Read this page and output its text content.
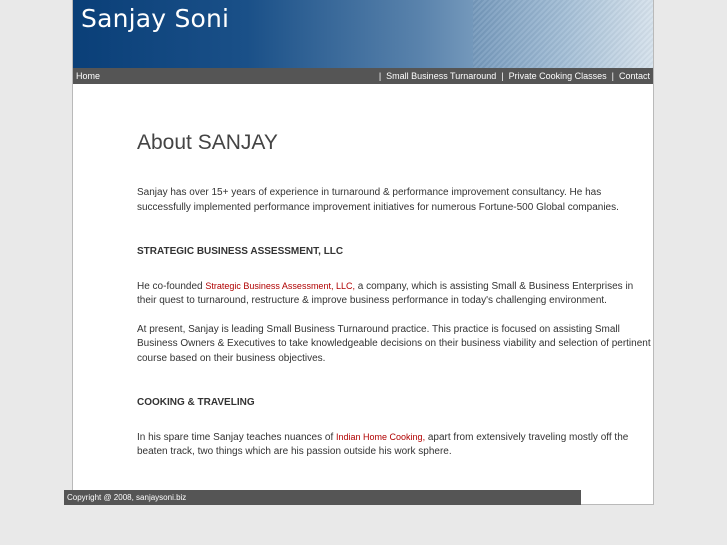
Sanjay Soni
Home	| Small Business Turnaround | Private Cooking Classes | Contact
About SANJAY

Sanjay has over 15+ years of experience in turnaround & performance improvement consultancy. He has successfully implemented performance improvement initiatives for numerous Fortune-500 Global companies.

STRATEGIC BUSINESS ASSESSMENT, LLC

He co-founded Strategic Business Assessment, LLC, a company, which is assisting Small & Business Enterprises in their quest to turnaround, restructure & improve business performance in today's challenging environment.

At present, Sanjay is leading Small Business Turnaround practice. This practice is focused on assisting Small Business Owners & Executives to take knowledgeable decisions on their business viability and selection of pertinent course based on their business objectives.

COOKING & TRAVELING

In his spare time Sanjay teaches nuances of Indian Home Cooking, apart from extensively traveling mostly off the beaten track, two things which are his passion outside his work sphere.

Copyright @ 2008, sanjaysoni.biz
